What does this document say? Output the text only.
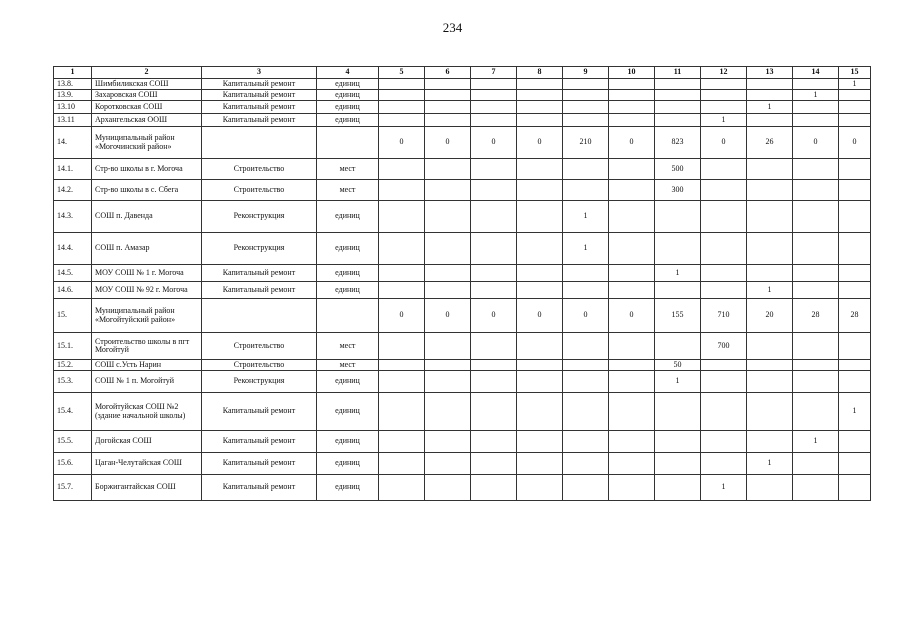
234
1	2	3	4	5	6	7	8	9	10	11	12	13	14	15
13.8.	Шимбиликская СОШ	Капитальный ремонт	единиц											1
13.9.	Захаровская СОШ	Капитальный ремонт	единиц										1	
13.10	Коротковская СОШ	Капитальный ремонт	единиц									1		
13.11	Архангельская ООШ	Капитальный ремонт	единиц								1			
14.	Муниципальный район «Могочинский район»			0	0	0	0	210	0	823	0	26	0	0
14.1.	Стр-во школы в г. Могоча	Строительство	мест							500				
14.2.	Стр-во школы в с. Сбега	Строительство	мест							300				
14.3.	СОШ п. Давенда	Реконструкция	единиц					1						
14.4.	СОШ п. Амазар	Реконструкция	единиц					1						
14.5.	МОУ СОШ № 1 г. Могоча	Капитальный ремонт	единиц							1				
14.6.	МОУ СОШ № 92 г. Могоча	Капитальный ремонт	единиц									1		
15.	Муниципальный район «Могойтуйский район»			0	0	0	0	0	0	155	710	20	28	28
15.1.	Строительство школы в пгт Могойтуй	Строительство	мест								700			
15.2.	СОШ с.Усть Нарин	Строительство	мест							50				
15.3.	СОШ № 1 п. Могойтуй	Реконструкция	единиц							1				
15.4.	Могойтуйская СОШ №2 (здание начальной школы)	Капитальный ремонт	единиц											1
15.5.	Догойская СОШ	Капитальный ремонт	единиц										1	
15.6.	Цаган-Челутайская СОШ	Капитальный ремонт	единиц									1		
15.7.	Боржигантайская СОШ	Капитальный ремонт	единиц								1			
